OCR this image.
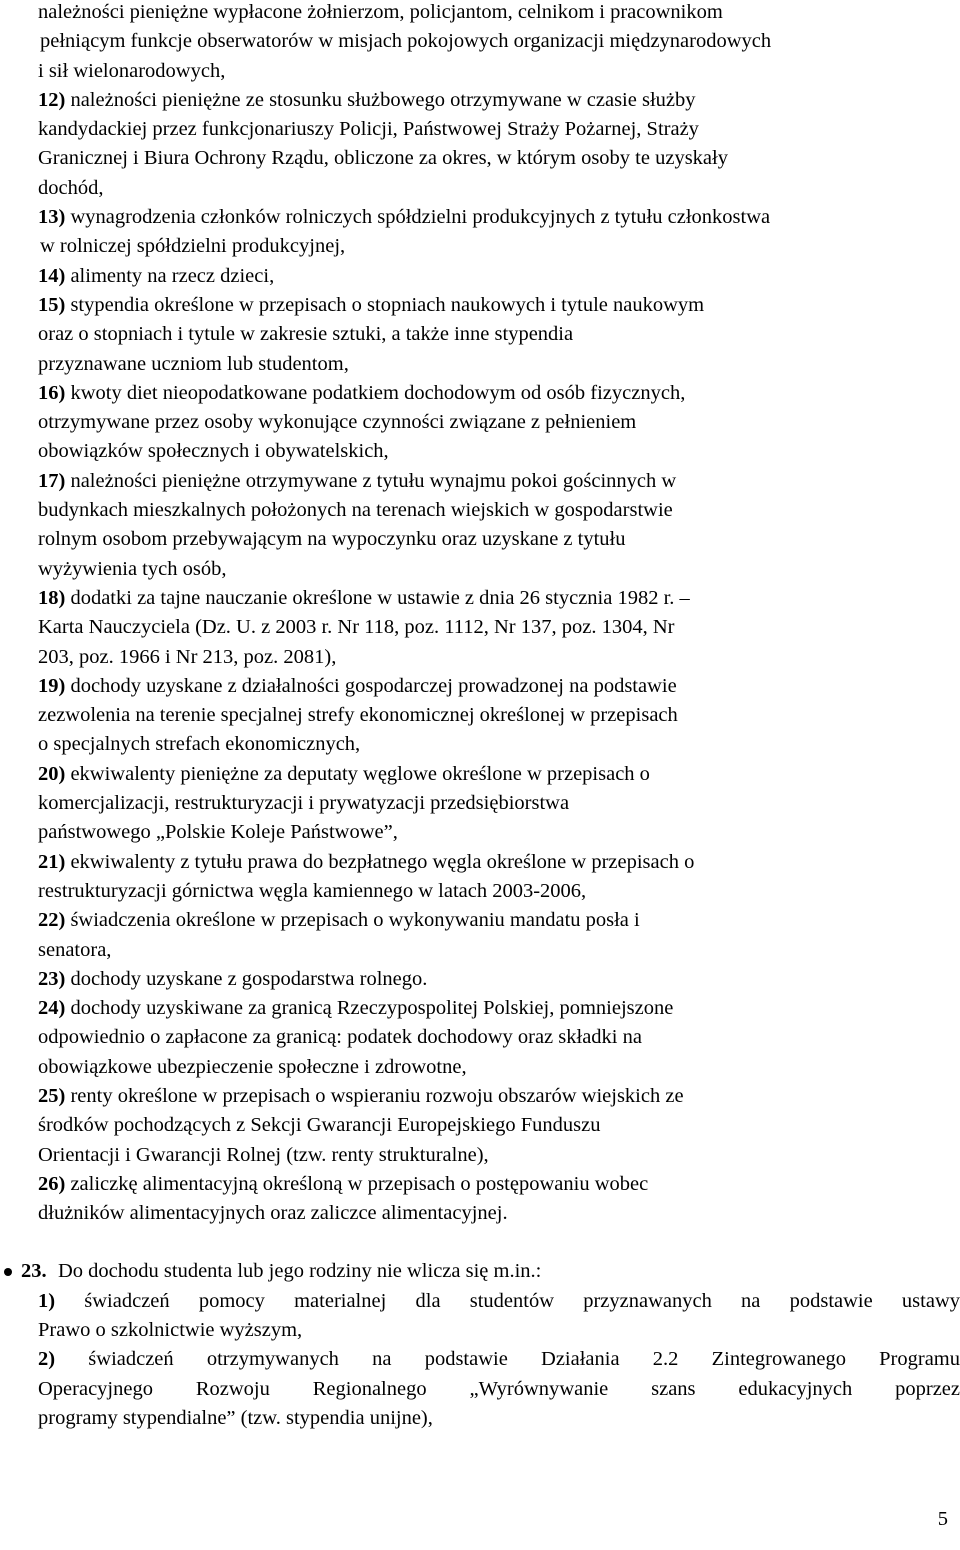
należności pieniężne wypłacone żołnierzom, policjantom, celnikom i pracownikom
pełniącym funkcje obserwatorów w misjach pokojowych organizacji międzynarodowych
i sił wielonarodowych,
12) należności pieniężne ze stosunku służbowego otrzymywane w czasie służby
kandydackiej przez funkcjonariuszy Policji, Państwowej Straży Pożarnej, Straży
Granicznej i Biura Ochrony Rządu, obliczone za okres, w którym osoby te uzyskały
dochód,
13) wynagrodzenia członków rolniczych spółdzielni produkcyjnych z tytułu członkostwa
w rolniczej spółdzielni produkcyjnej,
14) alimenty na rzecz dzieci,
15) stypendia określone w przepisach o stopniach naukowych i tytule naukowym
oraz o stopniach i tytule w zakresie sztuki, a także inne stypendia
przyznawane uczniom lub studentom,
16) kwoty diet nieopodatkowane podatkiem dochodowym od osób fizycznych,
otrzymywane przez osoby wykonujące czynności związane z pełnieniem
obowiązków społecznych i obywatelskich,
17) należności pieniężne otrzymywane z tytułu wynajmu pokoi gościnnych w
budynkach mieszkalnych położonych na terenach wiejskich w gospodarstwie
rolnym osobom przebywającym na wypoczynku oraz uzyskane z tytułu
wyżywienia tych osób,
18) dodatki za tajne nauczanie określone w ustawie z dnia 26 stycznia 1982 r. –
Karta Nauczyciela (Dz. U. z 2003 r. Nr 118, poz. 1112, Nr 137, poz. 1304, Nr
203, poz. 1966 i Nr 213, poz. 2081),
19) dochody uzyskane z działalności gospodarczej prowadzonej na podstawie
zezwolenia na terenie specjalnej strefy ekonomicznej określonej w przepisach
o specjalnych strefach ekonomicznych,
20) ekwiwalenty pieniężne za deputaty węglowe określone w przepisach o
komercjalizacji, restrukturyzacji i prywatyzacji przedsiębiorstwa
państwowego „Polskie Koleje Państwowe”,
21) ekwiwalenty z tytułu prawa do bezpłatnego węgla określone w przepisach o
restrukturyzacji górnictwa węgla kamiennego w latach 2003-2006,
22) świadczenia określone w przepisach o wykonywaniu mandatu posła i
senatora,
23) dochody uzyskane z gospodarstwa rolnego.
24) dochody uzyskiwane za granicą Rzeczypospolitej Polskiej, pomniejszone
odpowiednio o zapłacone za granicą: podatek dochodowy oraz składki na
obowiązkowe ubezpieczenie społeczne i zdrowotne,
25) renty określone w przepisach o wspieraniu rozwoju obszarów wiejskich ze
środków pochodzących z Sekcji Gwarancji Europejskiego Funduszu
Orientacji i Gwarancji Rolnej (tzw. renty strukturalne),
26) zaliczkę alimentacyjną określoną w przepisach o postępowaniu wobec
dłużników alimentacyjnych oraz zaliczce alimentacyjnej.
23. Do dochodu studenta lub jego rodziny nie wlicza się m.in.:
1) świadczeń pomocy materialnej dla studentów przyznawanych na podstawie ustawy
Prawo o szkolnictwie wyższym,
2) świadczeń otrzymywanych na podstawie Działania 2.2 Zintegrowanego Programu
Operacyjnego Rozwoju Regionalnego „Wyrównywanie szans edukacyjnych poprzez
programy stypendialne” (tzw. stypendia unijne),
5
